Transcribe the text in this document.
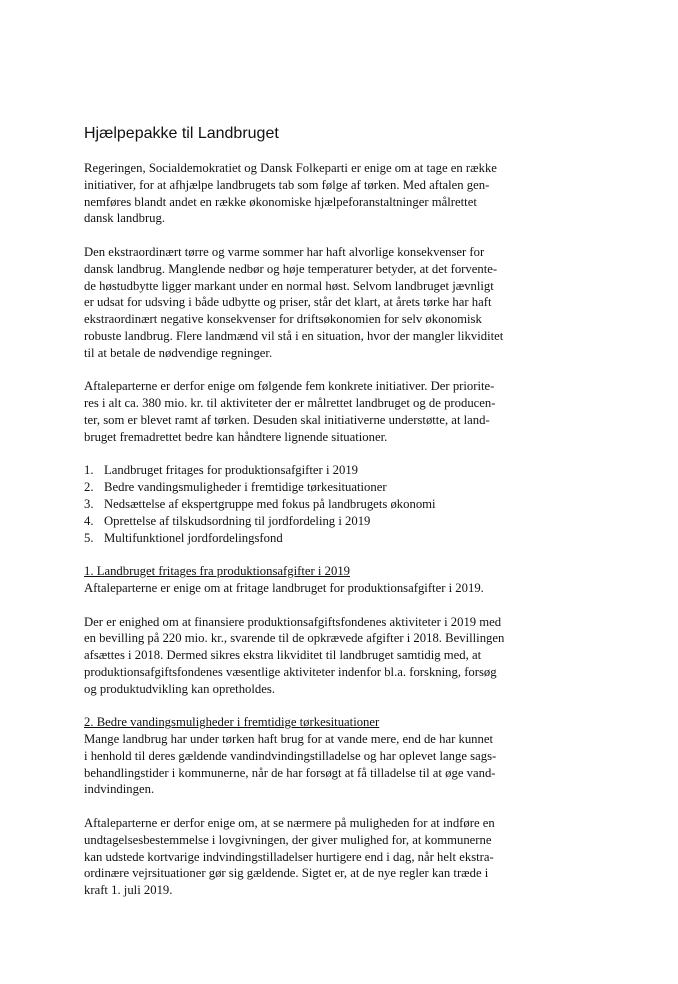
Hjælpepakke til Landbruget
Regeringen, Socialdemokratiet og Dansk Folkeparti er enige om at tage en række
initiativer, for at afhjælpe landbrugets tab som følge af tørken. Med aftalen gen-
nemføres blandt andet en række økonomiske hjælpeforanstaltninger målrettet
dansk landbrug.
Den ekstraordinært tørre og varme sommer har haft alvorlige konsekvenser for
dansk landbrug. Manglende nedbør og høje temperaturer betyder, at det forvente-
de høstudbytte ligger markant under en normal høst. Selvom landbruget jævnligt
er udsat for udsving i både udbytte og priser, står det klart, at årets tørke har haft
ekstraordinært negative konsekvenser for driftsøkonomien for selv økonomisk
robuste landbrug. Flere landmænd vil stå i en situation, hvor der mangler likviditet
til at betale de nødvendige regninger.
Aftaleparterne er derfor enige om følgende fem konkrete initiativer. Der priorite-
res i alt ca. 380 mio. kr. til aktiviteter der er målrettet landbruget og de producen-
ter, som er blevet ramt af tørken. Desuden skal initiativerne understøtte, at land-
bruget fremadrettet bedre kan håndtere lignende situationer.
1. Landbruget fritages for produktionsafgifter i 2019
2. Bedre vandingsmuligheder i fremtidige tørkesituationer
3. Nedsættelse af ekspertgruppe med fokus på landbrugets økonomi
4. Oprettelse af tilskudsordning til jordfordeling i 2019
5. Multifunktionel jordfordelingsfond
1. Landbruget fritages fra produktionsafgifter i 2019
Aftaleparterne er enige om at fritage landbruget for produktionsafgifter i 2019.
Der er enighed om at finansiere produktionsafgiftsfondenes aktiviteter i 2019 med
en bevilling på 220 mio. kr., svarende til de opkrævede afgifter i 2018. Bevillingen
afsættes i 2018. Dermed sikres ekstra likviditet til landbruget samtidig med, at
produktionsafgiftsfondenes væsentlige aktiviteter indenfor bl.a. forskning, forsøg
og produktudvikling kan opretholdes.
2. Bedre vandingsmuligheder i fremtidige tørkesituationer
Mange landbrug har under tørken haft brug for at vande mere, end de har kunnet
i henhold til deres gældende vandindvindingstilladelse og har oplevet lange sags-
behandlingstider i kommunerne, når de har forsøgt at få tilladelse til at øge vand-
indvindingen.
Aftaleparterne er derfor enige om, at se nærmere på muligheden for at indføre en
undtagelsesbestemmelse i lovgivningen, der giver mulighed for, at kommunerne
kan udstede kortvarige indvindingstilladelser hurtigere end i dag, når helt ekstra-
ordinære vejrsituationer gør sig gældende. Sigtet er, at de nye regler kan træde i
kraft 1. juli 2019.
